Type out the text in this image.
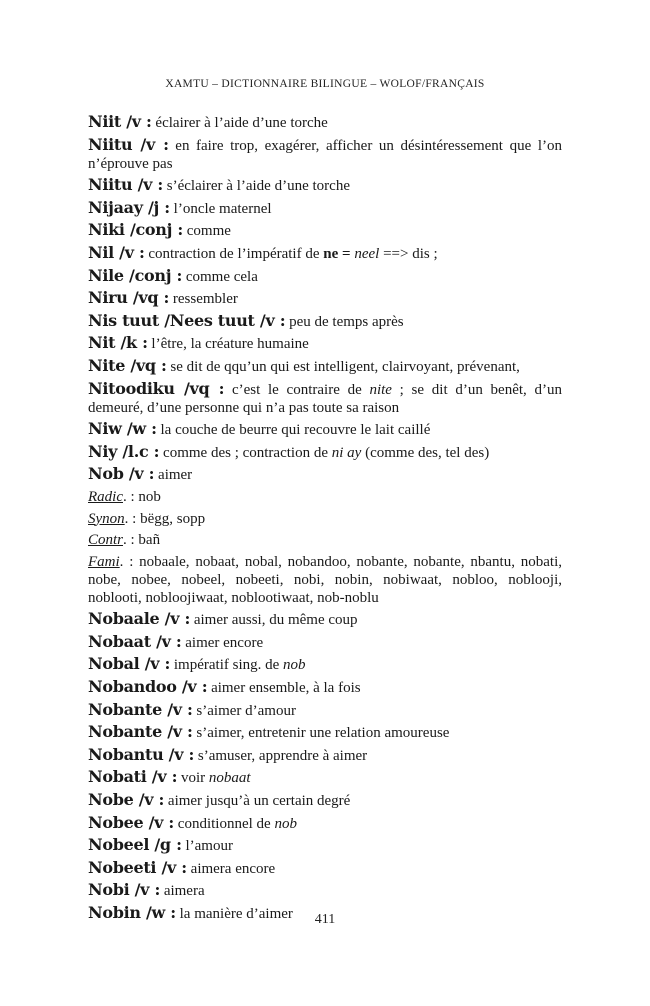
XAMTU – DICTIONNAIRE BILINGUE – WOLOF/FRANÇAIS
Niit /v : éclairer à l’aide d’une torche
Niitu /v : en faire trop, exagérer, afficher un désintéressement que l’on n’éprouve pas
Niitu /v : s’éclairer à l’aide d’une torche
Nijaay /j : l’oncle maternel
Niki /conj : comme
Nil /v : contraction de l’impératif de ne = neel ==> dis ;
Nile /conj : comme cela
Niru /vq : ressembler
Nis tuut /Nees tuut /v : peu de temps après
Nit /k : l’être, la créature humaine
Nite /vq : se dit de qqu’un qui est intelligent, clairvoyant, prévenant,
Nitoodiku /vq : c’est le contraire de nite ; se dit d’un benêt, d’un demeuré, d’une personne qui n’a pas toute sa raison
Niw /w : la couche de beurre qui recouvre le lait caillé
Niy /l.c : comme des ; contraction de ni ay (comme des, tel des)
Nob /v : aimer
Radic. : nob
Synon. : bëgg, sopp
Contr. : bañ
Fami. : nobaale, nobaat, nobal, nobandoo, nobante, nobante, nbantu, nobati, nobe, nobee, nobeel, nobeeti, nobi, nobin, nobiwaat, nobloo, noblooji, noblooti, nobloojiwaat, noblootiwaat, nob-noblu
Nobaale /v : aimer aussi, du même coup
Nobaat /v : aimer encore
Nobal /v : impératif sing. de nob
Nobandoo /v : aimer ensemble, à la fois
Nobante /v : s’aimer d’amour
Nobante /v : s’aimer, entretenir une relation amoureuse
Nobantu /v : s’amuser, apprendre à aimer
Nobati /v : voir nobaat
Nobe /v : aimer jusqu’à un certain degré
Nobee /v : conditionnel de nob
Nobeel /g : l’amour
Nobeeti /v : aimera encore
Nobi /v : aimera
Nobin /w : la manière d’aimer	411
